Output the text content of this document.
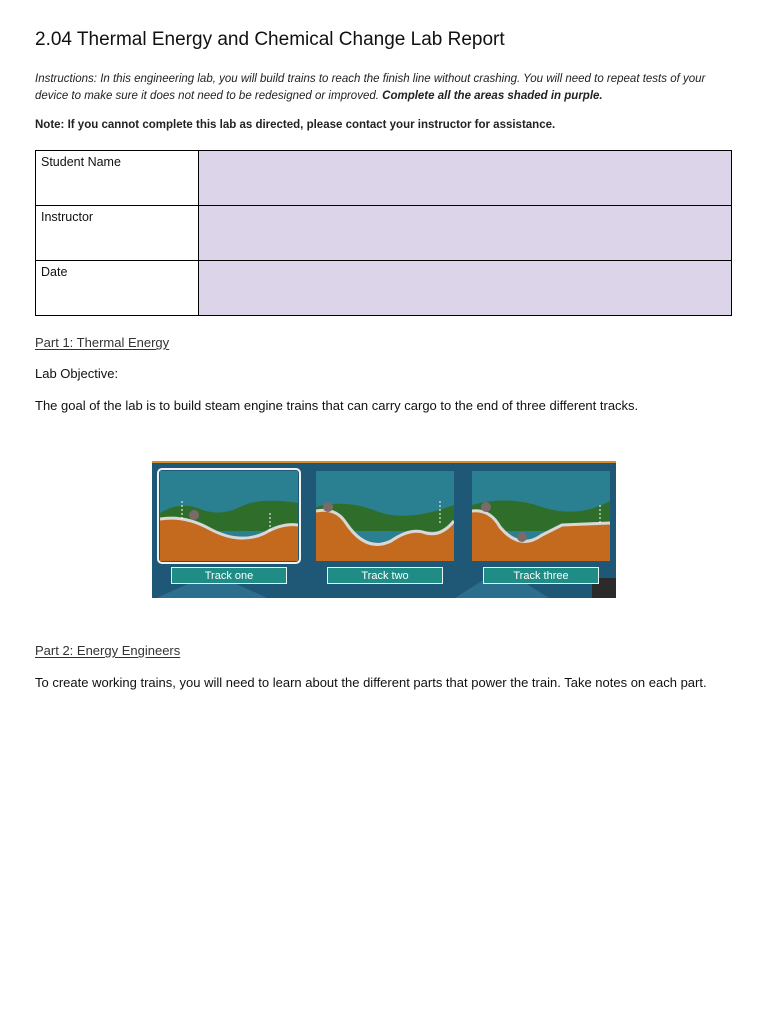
2.04 Thermal Energy and Chemical Change Lab Report
Instructions: In this engineering lab, you will build trains to reach the finish line without crashing. You will need to repeat tests of your device to make sure it does not need to be redesigned or improved. Complete all the areas shaded in purple.
Note: If you cannot complete this lab as directed, please contact your instructor for assistance.
Student Name	
Instructor	
Date	
Part 1: Thermal Energy
Lab Objective:
The goal of the lab is to build steam engine trains that can carry cargo to the end of three different tracks.
Track one	Track two	Track three
Part 2: Energy Engineers
To create working trains, you will need to learn about the different parts that power the train. Take notes on each part.
